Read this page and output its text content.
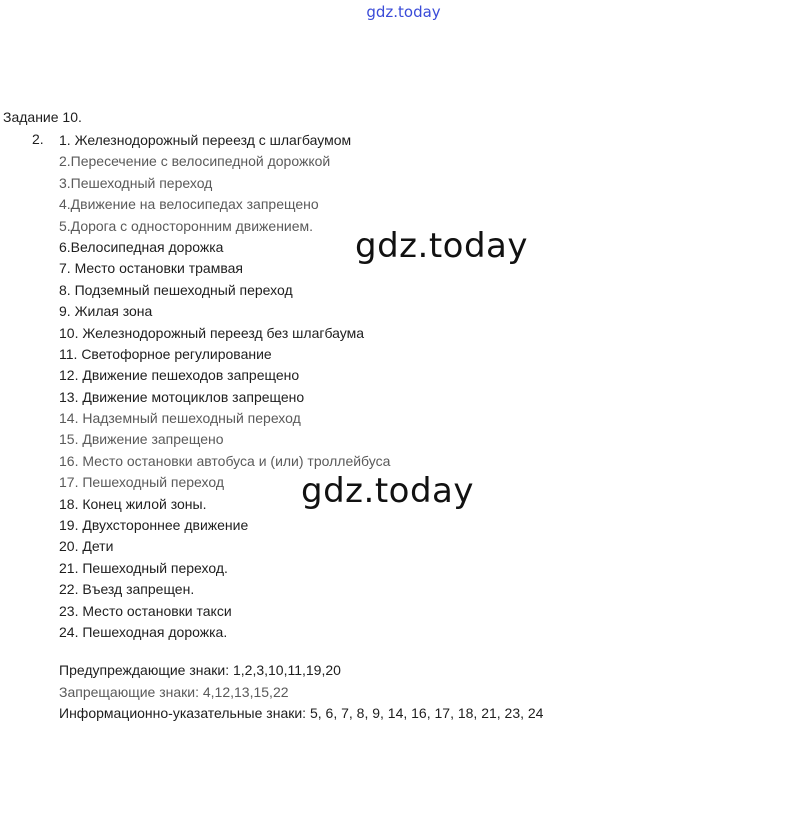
gdz.today
gdz.today
gdz.today
Задание 10.
2. 1. Железнодорожный переезд с шлагбаумом
2.Пересечение с велосипедной дорожкой
3.Пешеходный переход
4.Движение на велосипедах запрещено
5.Дорога с односторонним движением.
6.Велосипедная дорожка
7. Место остановки трамвая
8. Подземный пешеходный переход
9. Жилая зона
10. Железнодорожный переезд без шлагбаума
11. Светофорное регулирование
12. Движение пешеходов запрещено
13. Движение мотоциклов запрещено
14. Надземный пешеходный переход
15. Движение запрещено
16. Место остановки автобуса и (или) троллейбуса
17. Пешеходный переход
18. Конец жилой зоны.
19. Двухстороннее движение
20. Дети
21. Пешеходный переход.
22. Въезд запрещен.
23. Место остановки такси
24. Пешеходная дорожка.
Предупреждающие знаки: 1,2,3,10,11,19,20
Запрещающие знаки: 4,12,13,15,22
Информационно-указательные знаки: 5, 6, 7, 8, 9, 14, 16, 17, 18, 21, 23, 24
